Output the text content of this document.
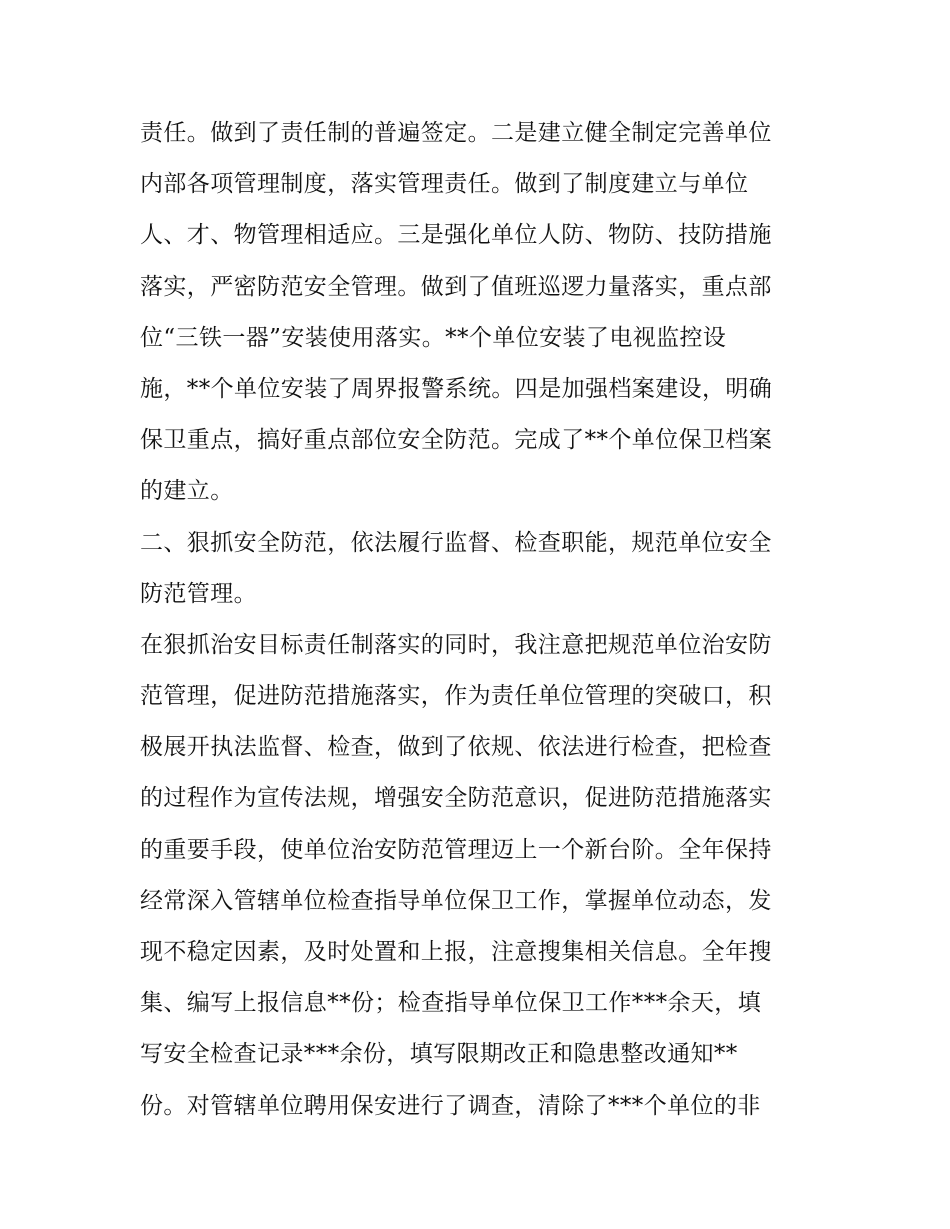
责任。做到了责任制的普遍签定。二是建立健全制定完善单位
内部各项管理制度，落实管理责任。做到了制度建立与单位
人、才、物管理相适应。三是强化单位人防、物防、技防措施
落实，严密防范安全管理。做到了值班巡逻力量落实，重点部
位“三铁一器”安装使用落实。**个单位安装了电视监控设
施，**个单位安装了周界报警系统。四是加强档案建设，明确
保卫重点，搞好重点部位安全防范。完成了**个单位保卫档案
的建立。
二、狠抓安全防范，依法履行监督、检查职能，规范单位安全
防范管理。
在狠抓治安目标责任制落实的同时，我注意把规范单位治安防
范管理，促进防范措施落实，作为责任单位管理的突破口，积
极展开执法监督、检查，做到了依规、依法进行检查，把检查
的过程作为宣传法规，增强安全防范意识，促进防范措施落实
的重要手段，使单位治安防范管理迈上一个新台阶。全年保持
经常深入管辖单位检查指导单位保卫工作，掌握单位动态，发
现不稳定因素，及时处置和上报，注意搜集相关信息。全年搜
集、编写上报信息**份；检查指导单位保卫工作***余天，填
写安全检查记录***余份，填写限期改正和隐患整改通知**
份。对管辖单位聘用保安进行了调查，清除了***个单位的非
